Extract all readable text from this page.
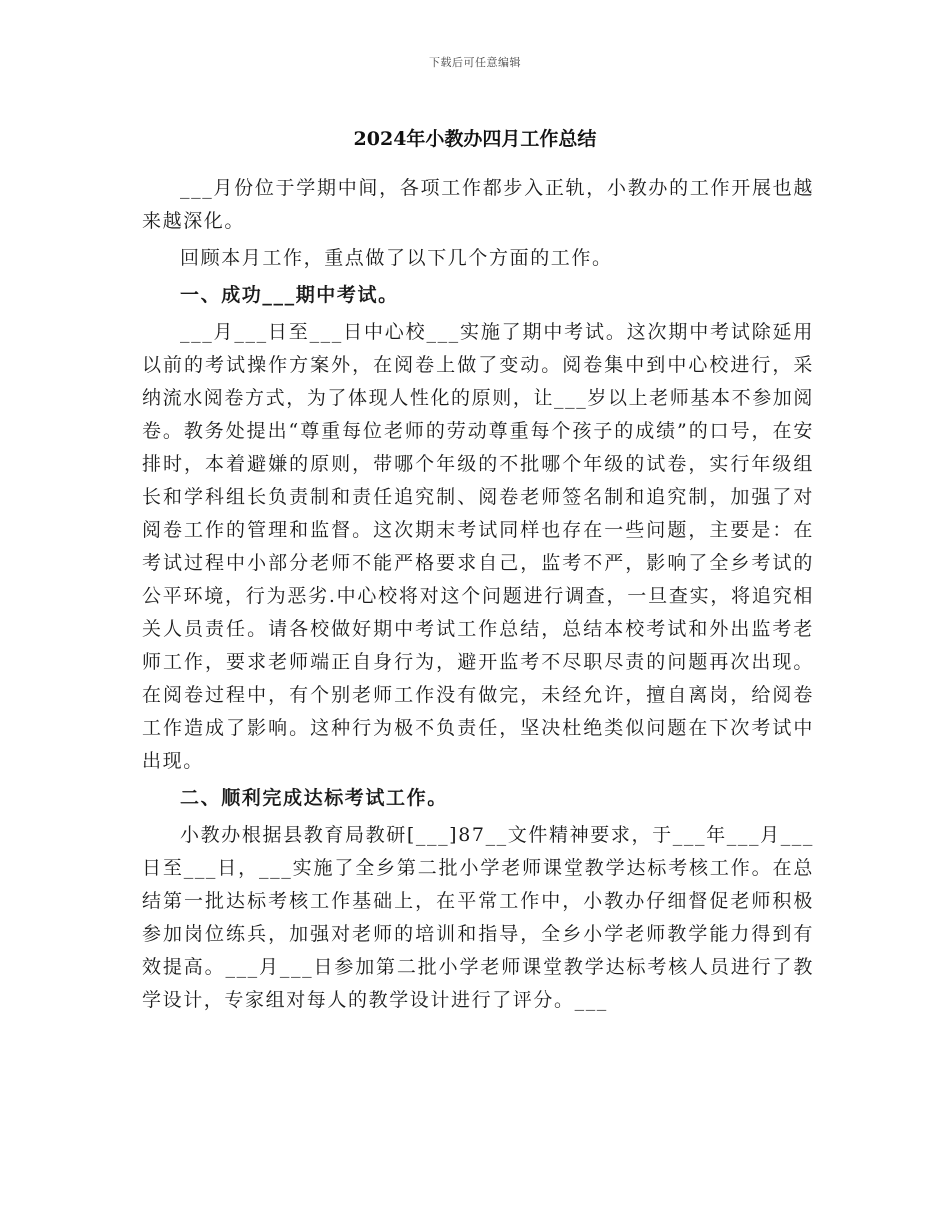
下载后可任意编辑
2024年小教办四月工作总结

___月份位于学期中间，各项工作都步入正轨，小教办的工作开展也越来越深化。

回顾本月工作，重点做了以下几个方面的工作。

一、成功___期中考试。

___月___日至___日中心校___实施了期中考试。这次期中考试除延用以前的考试操作方案外，在阅卷上做了变动。阅卷集中到中心校进行，采纳流水阅卷方式，为了体现人性化的原则，让___岁以上老师基本不参加阅卷。教务处提出“尊重每位老师的劳动尊重每个孩子的成绩”的口号，在安排时，本着避嫌的原则，带哪个年级的不批哪个年级的试卷，实行年级组长和学科组长负责制和责任追究制、阅卷老师签名制和追究制，加强了对阅卷工作的管理和监督。这次期末考试同样也存在一些问题，主要是：在考试过程中小部分老师不能严格要求自己，监考不严，影响了全乡考试的公平环境，行为恶劣.中心校将对这个问题进行调查，一旦查实，将追究相关人员责任。请各校做好期中考试工作总结，总结本校考试和外出监考老师工作，要求老师端正自身行为，避开监考不尽职尽责的问题再次出现。在阅卷过程中，有个别老师工作没有做完，未经允许，擅自离岗，给阅卷工作造成了影响。这种行为极不负责任，坚决杜绝类似问题在下次考试中出现。

二、顺利完成达标考试工作。

小教办根据县教育局教研[___]87__文件精神要求，于___年___月___日至___日，___实施了全乡第二批小学老师课堂教学达标考核工作。在总结第一批达标考核工作基础上，在平常工作中，小教办仔细督促老师积极参加岗位练兵，加强对老师的培训和指导，全乡小学老师教学能力得到有效提高。___月___日参加第二批小学老师课堂教学达标考核人员进行了教学设计，专家组对每人的教学设计进行了评分。___
